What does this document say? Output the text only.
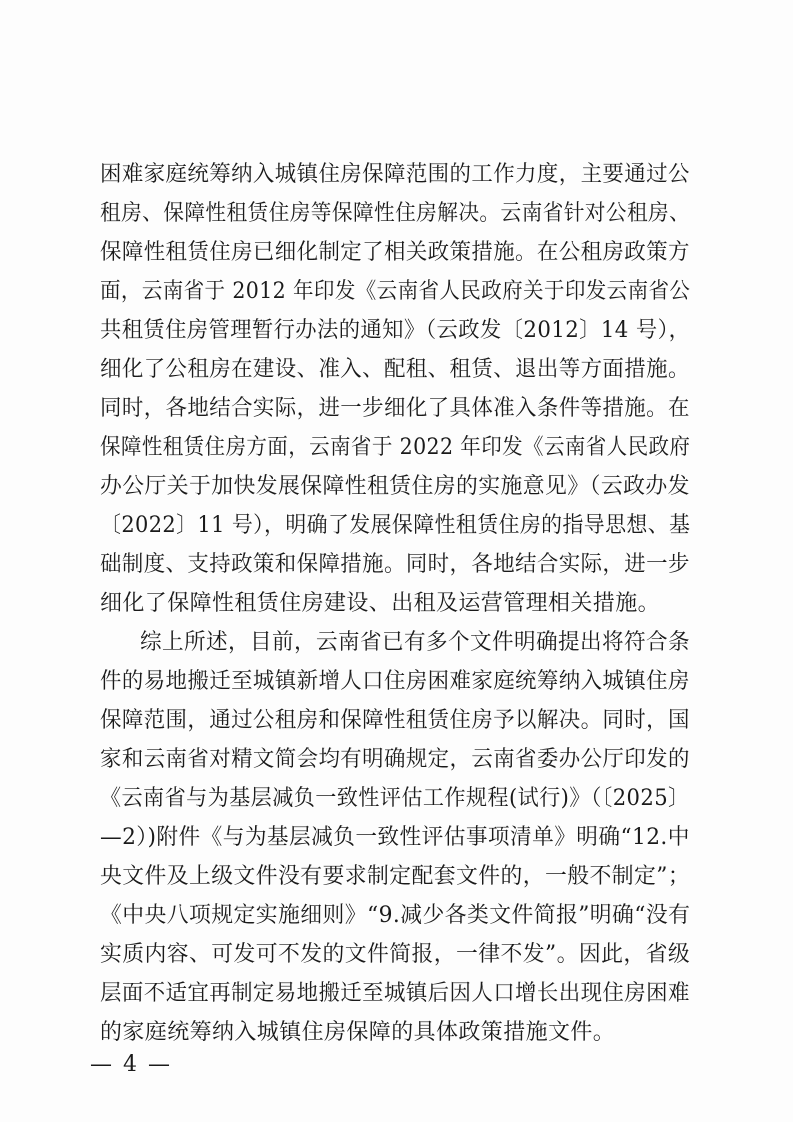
困难家庭统筹纳入城镇住房保障范围的工作力度，主要通过公
租房、保障性租赁住房等保障性住房解决。云南省针对公租房、
保障性租赁住房已细化制定了相关政策措施。在公租房政策方
面，云南省于 2012 年印发《云南省人民政府关于印发云南省公
共租赁住房管理暂行办法的通知》（云政发〔2012〕14 号），
细化了公租房在建设、准入、配租、租赁、退出等方面措施。
同时，各地结合实际，进一步细化了具体准入条件等措施。在
保障性租赁住房方面，云南省于 2022 年印发《云南省人民政府
办公厅关于加快发展保障性租赁住房的实施意见》（云政办发
〔2022〕11 号），明确了发展保障性租赁住房的指导思想、基
础制度、支持政策和保障措施。同时，各地结合实际，进一步
细化了保障性租赁住房建设、出租及运营管理相关措施。
综上所述，目前，云南省已有多个文件明确提出将符合条
件的易地搬迁至城镇新增人口住房困难家庭统筹纳入城镇住房
保障范围，通过公租房和保障性租赁住房予以解决。同时，国
家和云南省对精文简会均有明确规定，云南省委办公厅印发的
《云南省与为基层减负一致性评估工作规程(试行)》（〔2025〕
—2）)附件《与为基层减负一致性评估事项清单》明确“12.中
央文件及上级文件没有要求制定配套文件的，一般不制定”；
《中央八项规定实施细则》“9.减少各类文件简报”明确“没有
实质内容、可发可不发的文件简报，一律不发”。因此，省级
层面不适宜再制定易地搬迁至城镇后因人口增长出现住房困难
的家庭统筹纳入城镇住房保障的具体政策措施文件。
— 4 —
